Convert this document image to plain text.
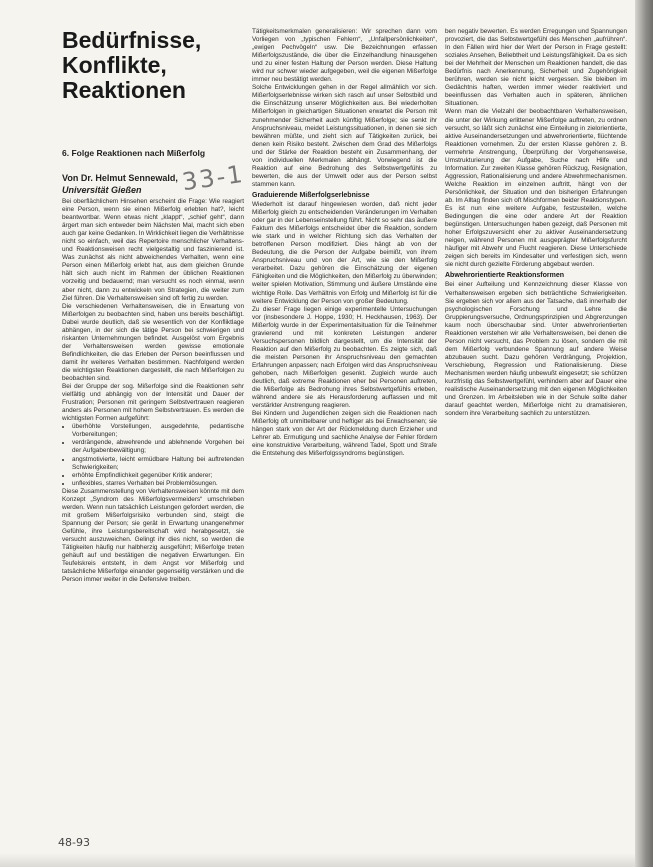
Bedürfnisse,
Konflikte,
Reaktionen
6. Folge Reaktionen nach Mißerfolg
Von Dr. Helmut Sennewald,
Universität Gießen	33-1

Bei oberflächlichem Hinsehen erscheint die Frage: Wie reagiert eine Person, wenn sie einen Mißerfolg erlebten hat?, leicht beantwortbar. Wenn etwas nicht „klappt“, „schief geht“, dann ärgert man sich entweder beim Nächsten Mal, macht sich eben auch gar keine Gedanken. In Wirklichkeit liegen die Verhältnisse nicht so einfach, weil das Repertoire menschlicher Verhaltens- und Reaktionsweisen recht vielgestaltig und faszinierend ist. Was zunächst als nicht abweichendes Verhalten, wenn eine Person einen Mißerfolg erlebt hat, aus dem gleichen Grunde hält sich auch nicht im Rahmen der üblichen Reaktionen vorzeitig und bedauernd; man versucht es noch einmal, wenn aber nicht, dann zu entwickeln von Strategien, die weiter zum Ziel führen. Die Verhaltensweisen sind oft fertig zu werden.

Die verschiedenen Verhaltensweisen, die in Erwartung von Mißerfolgen zu beobachten sind, haben uns bereits beschäftigt. Dabei wurde deutlich, daß sie wesentlich von der Konfliktlage abhängen, in der sich die tätige Person bei schwierigen und riskanten Unternehmungen befindet. Ausgelöst vom Ergebnis der Verhaltensweisen werden gewisse emotionale Befindlichkeiten, die das Erleben der Person beeinflussen und damit ihr weiteres Verhalten bestimmen. Nachfolgend werden die wichtigsten Reaktionen dargestellt, die nach Mißerfolgen zu beobachten sind.

Bei der Gruppe der sog. Mißerfolge sind die Reaktionen sehr vielfältig und abhängig von der Intensität und Dauer der Frustration; Personen mit geringem Selbstvertrauen reagieren anders als Personen mit hohem Selbstvertrauen. Es werden die wichtigsten Formen aufgeführt:

• überhöhte Vorstellungen, ausgedehnte, pedantische Vorbereitungen;
• verdrängende, abwehrende und ablehnende Vorgehen bei der Aufgabenbewältigung;
• angstmotivierte, leicht ermüdbare Haltung bei auftretenden Schwierigkeiten;
• erhöhte Empfindlichkeit gegenüber Kritik anderer;
• unflexibles, starres Verhalten bei Problemlösungen.

Diese Zusammenstellung von Verhaltensweisen könnte mit dem Konzept „Syndrom des Mißerfolgsvermeiders“ umschrieben werden. Wenn nun tatsächlich Leistungen gefordert werden, die mit großem Mißerfolgsrisiko verbunden sind, steigt die Spannung der Person; sie gerät in Erwartung unangenehmer Gefühle, ihre Leistungsbereitschaft wird herabgesetzt, sie versucht auszuweichen. Gelingt ihr dies nicht, so werden die Tätigkeiten häufig nur halbherzig ausgeführt; Mißerfolge treten gehäuft auf und bestätigen die negativen Erwartungen. Ein Teufelskreis entsteht, in dem Angst vor Mißerfolg und tatsächliche Mißerfolge einander gegenseitig verstärken und die Person immer weiter in die Defensive treiben.

Tätigkeitsmerkmalen generalisieren: Wir sprechen dann vom Vorliegen von „typischen Fehlern“, „Unfallpersönlichkeiten“, „ewigen Pechvögeln“ usw. Die Bezeichnungen erfassen Mißerfolgszustände, die über die Einzelhandlung hinausgehen und zu einer festen Haltung der Person werden. Diese Haltung wird nur schwer wieder aufgegeben, weil die eigenen Mißerfolge immer neu bestätigt werden.

Solche Entwicklungen gehen in der Regel allmählich vor sich. Mißerfolgserlebnisse wirken sich rasch auf unser Selbstbild und die Einschätzung unserer Möglichkeiten aus. Bei wiederholten Mißerfolgen in gleichartigen Situationen erwartet die Person mit zunehmender Sicherheit auch künftig Mißerfolge; sie senkt ihr Anspruchsniveau, meidet Leistungssituationen, in denen sie sich bewähren müßte, und zieht sich auf Tätigkeiten zurück, bei denen kein Risiko besteht. Zwischen dem Grad des Mißerfolgs und der Stärke der Reaktion besteht ein Zusammenhang, der von individuellen Merkmalen abhängt. Vorwiegend ist die Reaktion auf eine Bedrohung des Selbstwertgefühls zu bewerten, die aus der Umwelt oder aus der Person selbst stammen kann.

Graduierende Mißerfolgserlebnisse

Wiederholt ist darauf hingewiesen worden, daß nicht jeder Mißerfolg gleich zu entscheidenden Veränderungen im Verhalten oder gar in der Lebenseinstellung führt. Nicht so sehr das äußere Faktum des Mißerfolgs entscheidet über die Reaktion, sondern wie stark und in welcher Richtung sich das Verhalten der betroffenen Person modifiziert. Dies hängt ab von der Bedeutung, die die Person der Aufgabe beimißt, von ihrem Anspruchsniveau und von der Art, wie sie den Mißerfolg verarbeitet. Dazu gehören die Einschätzung der eigenen Fähigkeiten und die Möglichkeiten, den Mißerfolg zu überwinden; weiter spielen Motivation, Stimmung und äußere Umstände eine wichtige Rolle. Das Verhältnis von Erfolg und Mißerfolg ist für die weitere Entwicklung der Person von großer Bedeutung.

Zu dieser Frage liegen einige experimentelle Untersuchungen vor (insbesondere J. Hoppe, 1930; H. Heckhausen, 1963). Der Mißerfolg wurde in der Experimentalsituation für die Teilnehmer gravierend und mit konkreten Leistungen anderer Versuchspersonen bildlich dargestellt, um die Intensität der Reaktion auf den Mißerfolg zu beobachten. Es zeigte sich, daß die meisten Personen ihr Anspruchsniveau den gemachten Erfahrungen anpassen; nach Erfolgen wird das Anspruchsniveau gehoben, nach Mißerfolgen gesenkt. Zugleich wurde auch deutlich, daß extreme Reaktionen eher bei Personen auftreten, die Mißerfolge als Bedrohung ihres Selbstwertgefühls erleben, während andere sie als Herausforderung auffassen und mit verstärkter Anstrengung reagieren.

Bei Kindern und Jugendlichen zeigen sich die Reaktionen nach Mißerfolg oft unmittelbarer und heftiger als bei Erwachsenen; sie hängen stark von der Art der Rückmeldung durch Erzieher und Lehrer ab. Ermutigung und sachliche Analyse der Fehler fördern eine konstruktive Verarbeitung, während Tadel, Spott und Strafe die Entstehung des Mißerfolgssyndroms begünstigen.

ben negativ bewerten. Es werden Erregungen und Spannungen provoziert, die das Selbstwertgefühl des Menschen „aufrühren“. In den Fällen wird hier der Wert der Person in Frage gestellt: soziales Ansehen, Beliebtheit und Leistungsfähigkeit. Da es sich bei der Mehrheit der Menschen um Reaktionen handelt, die das Bedürfnis nach Anerkennung, Sicherheit und Zugehörigkeit berühren, werden sie nicht leicht vergessen. Sie bleiben im Gedächtnis haften, werden immer wieder reaktiviert und beeinflussen das Verhalten auch in späteren, ähnlichen Situationen.

Wenn man die Vielzahl der beobachtbaren Verhaltensweisen, die unter der Wirkung erlittener Mißerfolge auftreten, zu ordnen versucht, so läßt sich zunächst eine Einteilung in zielorientierte, aktive Auseinandersetzungen und abwehrorientierte, flüchtende Reaktionen vornehmen. Zu der ersten Klasse gehören z. B. vermehrte Anstrengung, Überprüfung der Vorgehensweise, Umstrukturierung der Aufgabe, Suche nach Hilfe und Information. Zur zweiten Klasse gehören Rückzug, Resignation, Aggression, Rationalisierung und andere Abwehrmechanismen. Welche Reaktion im einzelnen auftritt, hängt von der Persönlichkeit, der Situation und den bisherigen Erfahrungen ab. Im Alltag finden sich oft Mischformen beider Reaktionstypen.

Es ist nun eine weitere Aufgabe, festzustellen, welche Bedingungen die eine oder andere Art der Reaktion begünstigen. Untersuchungen haben gezeigt, daß Personen mit hoher Erfolgszuversicht eher zu aktiver Auseinandersetzung neigen, während Personen mit ausgeprägter Mißerfolgsfurcht häufiger mit Abwehr und Flucht reagieren. Diese Unterschiede zeigen sich bereits im Kindesalter und verfestigen sich, wenn sie nicht durch gezielte Förderung abgebaut werden.

Abwehrorientierte Reaktionsformen

Bei einer Aufteilung und Kennzeichnung dieser Klasse von Verhaltensweisen ergeben sich beträchtliche Schwierigkeiten. Sie ergeben sich vor allem aus der Tatsache, daß innerhalb der psychologischen Forschung und Lehre die Gruppierungsversuche, Ordnungsprinzipien und Abgrenzungen kaum noch überschaubar sind. Unter abwehrorientierten Reaktionen verstehen wir alle Verhaltensweisen, bei denen die Person nicht versucht, das Problem zu lösen, sondern die mit dem Mißerfolg verbundene Spannung auf andere Weise abzubauen sucht. Dazu gehören Verdrängung, Projektion, Verschiebung, Regression und Rationalisierung. Diese Mechanismen werden häufig unbewußt eingesetzt; sie schützen kurzfristig das Selbstwertgefühl, verhindern aber auf Dauer eine realistische Auseinandersetzung mit den eigenen Möglichkeiten und Grenzen. Im Arbeitsleben wie in der Schule sollte daher darauf geachtet werden, Mißerfolge nicht zu dramatisieren, sondern ihre Verarbeitung sachlich zu unterstützen.

48-93
